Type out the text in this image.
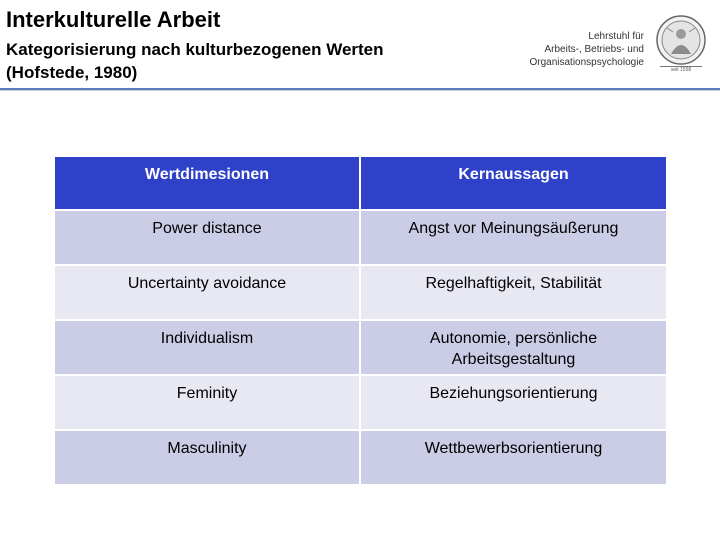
Interkulturelle Arbeit
Kategorisierung nach kulturbezogenen Werten
(Hofstede, 1980)
Lehrstuhl für
Arbeits-, Betriebs- und
Organisationspsychologie
seit 1558
Wertdimesionen	Kernaussagen
Power distance	Angst vor Meinungsäußerung
Uncertainty avoidance	Regelhaftigkeit, Stabilität
Individualism	Autonomie, persönliche Arbeitsgestaltung
Feminity	Beziehungsorientierung
Masculinity	Wettbewerbsorientierung
